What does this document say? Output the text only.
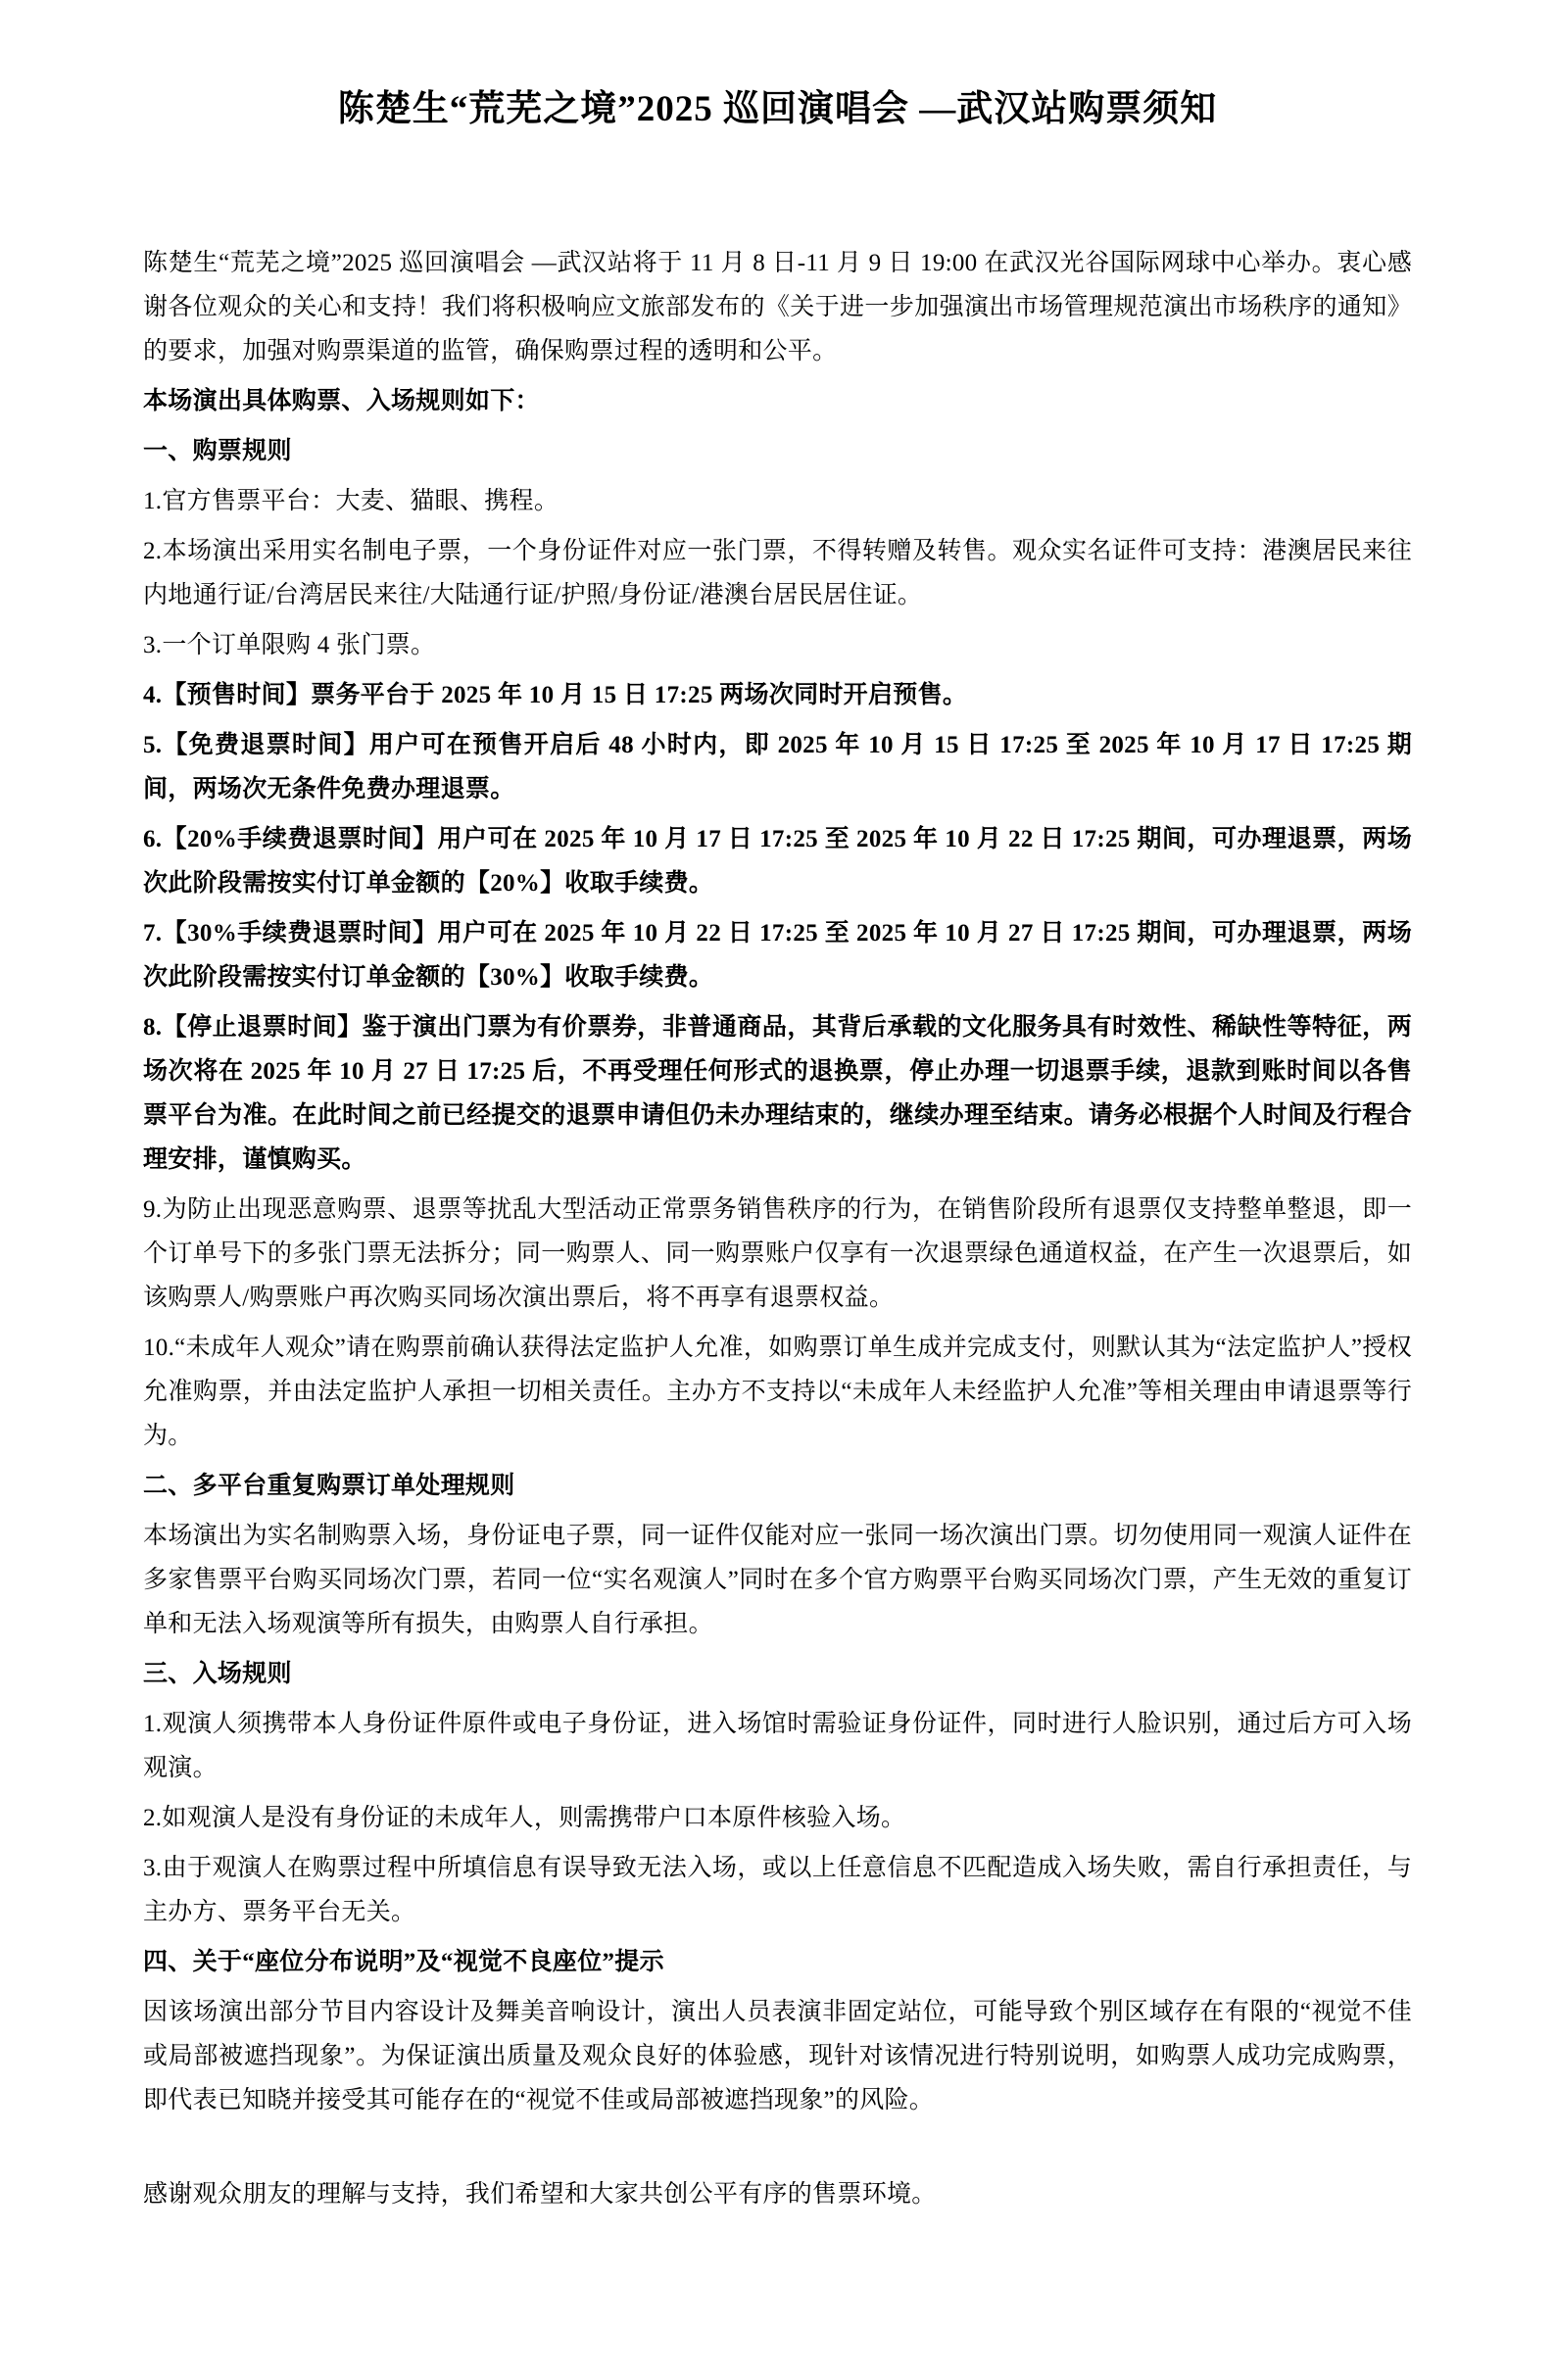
陈楚生“荒芜之境”2025 巡回演唱会 —武汉站购票须知

陈楚生“荒芜之境”2025 巡回演唱会 —武汉站将于 11 月 8 日-11 月 9 日 19:00 在武汉光谷国际网球中心举办。衷心感谢各位观众的关心和支持！我们将积极响应文旅部发布的《关于进一步加强演出市场管理规范演出市场秩序的通知》的要求，加强对购票渠道的监管，确保购票过程的透明和公平。

本场演出具体购票、入场规则如下：

一、购票规则

1.官方售票平台：大麦、猫眼、携程。

2.本场演出采用实名制电子票，一个身份证件对应一张门票，不得转赠及转售。观众实名证件可支持：港澳居民来往内地通行证/台湾居民来往/大陆通行证/护照/身份证/港澳台居民居住证。

3.一个订单限购 4 张门票。

4.【预售时间】票务平台于 2025 年 10 月 15 日 17:25 两场次同时开启预售。

5.【免费退票时间】用户可在预售开启后 48 小时内，即 2025 年 10 月 15 日 17:25 至 2025 年 10 月 17 日 17:25 期间，两场次无条件免费办理退票。

6.【20%手续费退票时间】用户可在 2025 年 10 月 17 日 17:25 至 2025 年 10 月 22 日 17:25 期间，可办理退票，两场次此阶段需按实付订单金额的【20%】收取手续费。

7.【30%手续费退票时间】用户可在 2025 年 10 月 22 日 17:25 至 2025 年 10 月 27 日 17:25 期间，可办理退票，两场次此阶段需按实付订单金额的【30%】收取手续费。

8.【停止退票时间】鉴于演出门票为有价票券，非普通商品，其背后承载的文化服务具有时效性、稀缺性等特征，两场次将在 2025 年 10 月 27 日 17:25 后，不再受理任何形式的退换票，停止办理一切退票手续，退款到账时间以各售票平台为准。在此时间之前已经提交的退票申请但仍未办理结束的，继续办理至结束。请务必根据个人时间及行程合理安排，谨慎购买。

9.为防止出现恶意购票、退票等扰乱大型活动正常票务销售秩序的行为，在销售阶段所有退票仅支持整单整退，即一个订单号下的多张门票无法拆分；同一购票人、同一购票账户仅享有一次退票绿色通道权益，在产生一次退票后，如该购票人/购票账户再次购买同场次演出票后，将不再享有退票权益。

10.“未成年人观众”请在购票前确认获得法定监护人允准，如购票订单生成并完成支付，则默认其为“法定监护人”授权允准购票，并由法定监护人承担一切相关责任。主办方不支持以“未成年人未经监护人允准”等相关理由申请退票等行为。

二、多平台重复购票订单处理规则

本场演出为实名制购票入场，身份证电子票，同一证件仅能对应一张同一场次演出门票。切勿使用同一观演人证件在多家售票平台购买同场次门票，若同一位“实名观演人”同时在多个官方购票平台购买同场次门票，产生无效的重复订单和无法入场观演等所有损失，由购票人自行承担。

三、入场规则

1.观演人须携带本人身份证件原件或电子身份证，进入场馆时需验证身份证件，同时进行人脸识别，通过后方可入场观演。

2.如观演人是没有身份证的未成年人，则需携带户口本原件核验入场。

3.由于观演人在购票过程中所填信息有误导致无法入场，或以上任意信息不匹配造成入场失败，需自行承担责任，与主办方、票务平台无关。

四、关于“座位分布说明”及“视觉不良座位”提示

因该场演出部分节目内容设计及舞美音响设计，演出人员表演非固定站位，可能导致个别区域存在有限的“视觉不佳或局部被遮挡现象”。为保证演出质量及观众良好的体验感，现针对该情况进行特别说明，如购票人成功完成购票，即代表已知晓并接受其可能存在的“视觉不佳或局部被遮挡现象”的风险。

感谢观众朋友的理解与支持，我们希望和大家共创公平有序的售票环境。
